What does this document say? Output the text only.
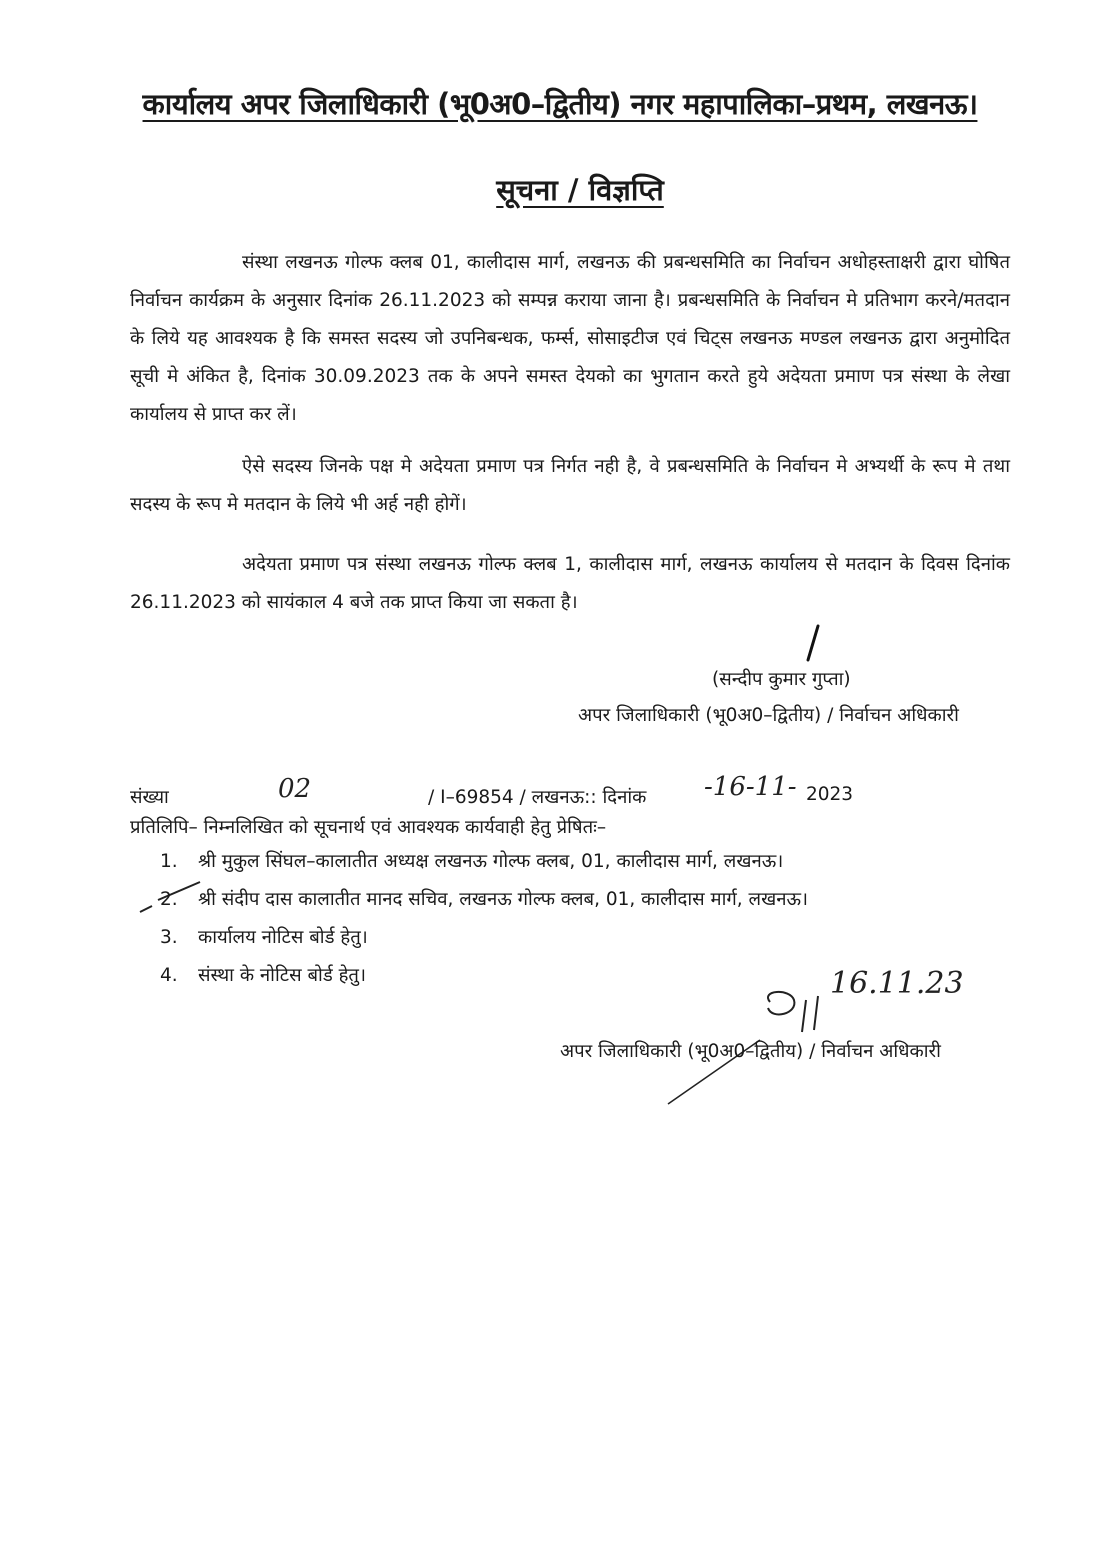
कार्यालय अपर जिलाधिकारी (भू0अ0–द्वितीय) नगर महापालिका–प्रथम, लखनऊ।
सूचना / विज्ञप्ति
संस्था लखनऊ गोल्फ क्लब 01, कालीदास मार्ग, लखनऊ की प्रबन्धसमिति का निर्वाचन अधोहस्ताक्षरी द्वारा घोषित निर्वाचन कार्यक्रम के अनुसार दिनांक 26.11.2023 को सम्पन्न कराया जाना है। प्रबन्धसमिति के निर्वाचन मे प्रतिभाग करने/मतदान के लिये यह आवश्यक है कि समस्त सदस्य जो उपनिबन्धक, फर्म्स, सोसाइटीज एवं चिट्स लखनऊ मण्डल लखनऊ द्वारा अनुमोदित सूची मे अंकित है, दिनांक 30.09.2023 तक के अपने समस्त देयको का भुगतान करते हुये अदेयता प्रमाण पत्र संस्था के लेखा कार्यालय से प्राप्त कर लें।
ऐसे सदस्य जिनके पक्ष मे अदेयता प्रमाण पत्र निर्गत नही है, वे प्रबन्धसमिति के निर्वाचन मे अभ्यर्थी के रूप मे तथा सदस्य के रूप मे मतदान के लिये भी अर्ह नही होगें।
अदेयता प्रमाण पत्र संस्था लखनऊ गोल्फ क्लब 1, कालीदास मार्ग, लखनऊ कार्यालय से मतदान के दिवस दिनांक 26.11.2023 को सायंकाल 4 बजे तक प्राप्त किया जा सकता है।
(सन्दीप कुमार गुप्ता)
अपर जिलाधिकारी (भू0अ0–द्वितीय) / निर्वाचन अधिकारी
संख्या	02	/ I–69854 / लखनऊ:: दिनांक -16-11- 2023
प्रतिलिपि– निम्नलिखित को सूचनार्थ एवं आवश्यक कार्यवाही हेतु प्रेषितः–
1. श्री मुकुल सिंघल–कालातीत अध्यक्ष लखनऊ गोल्फ क्लब, 01, कालीदास मार्ग, लखनऊ।
2. श्री संदीप दास कालातीत मानद सचिव, लखनऊ गोल्फ क्लब, 01, कालीदास मार्ग, लखनऊ।
3. कार्यालय नोटिस बोर्ड हेतु।
4. संस्था के नोटिस बोर्ड हेतु।	16.11.23
अपर जिलाधिकारी (भू0अ0–द्वितीय) / निर्वाचन अधिकारी
